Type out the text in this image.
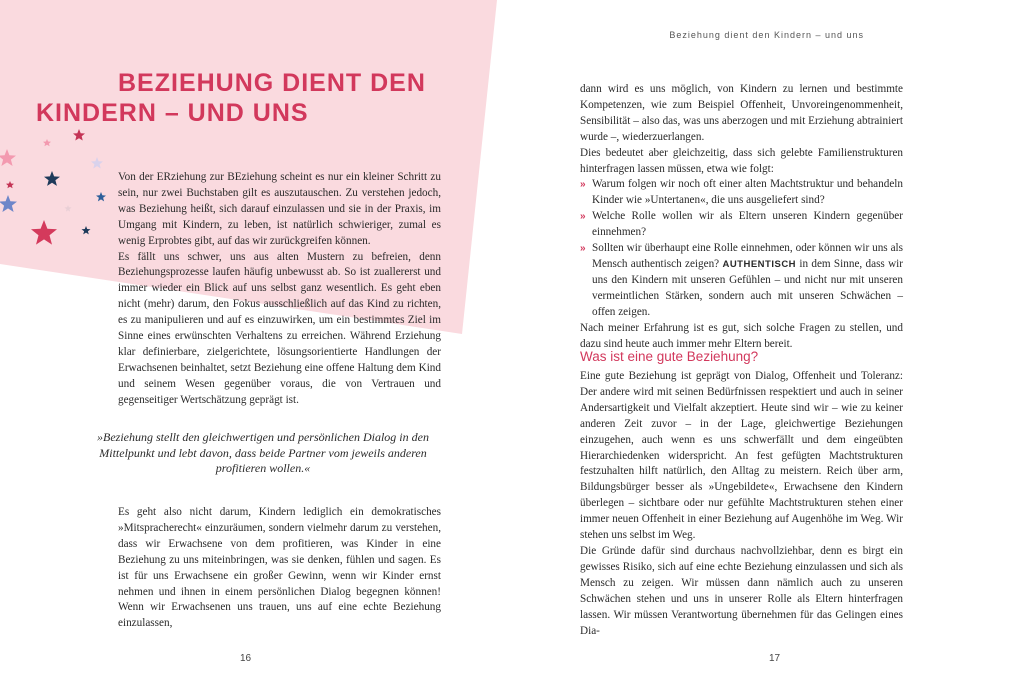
Beziehung dient den Kindern – und uns
BEZIEHUNG DIENT DEN
KINDERN – UND UNS

Von der ERziehung zur BEziehung scheint es nur ein kleiner Schritt zu sein, nur zwei Buchstaben gilt es auszutauschen. Zu verstehen jedoch, was Beziehung heißt, sich darauf einzulassen und sie in der Praxis, im Umgang mit Kindern, zu leben, ist natürlich schwieriger, zumal es wenig Erprobtes gibt, auf das wir zurückgreifen können.

Es fällt uns schwer, uns aus alten Mustern zu befreien, denn Beziehungsprozesse laufen häufig unbewusst ab. So ist zuallererst und immer wieder ein Blick auf uns selbst ganz wesentlich. Es geht eben nicht (mehr) darum, den Fokus ausschließlich auf das Kind zu richten, es zu manipulieren und auf es einzuwirken, um ein bestimmtes Ziel im Sinne eines erwünschten Verhaltens zu erreichen. Während Erziehung klar definierbare, zielgerichtete, lösungsorientierte Handlungen der Erwachsenen beinhaltet, setzt Beziehung eine offene Haltung dem Kind und seinem Wesen gegenüber voraus, die von Vertrauen und gegenseitiger Wertschätzung geprägt ist.

»Beziehung stellt den gleichwertigen und persönlichen Dialog in den Mittelpunkt und lebt davon, dass beide Partner vom jeweils anderen profitieren wollen.«

Es geht also nicht darum, Kindern lediglich ein demokratisches »Mitspracherecht« einzuräumen, sondern vielmehr darum zu verstehen, dass wir Erwachsene von dem profitieren, was Kinder in eine Beziehung zu uns miteinbringen, was sie denken, fühlen und sagen. Es ist für uns Erwachsene ein großer Gewinn, wenn wir Kinder ernst nehmen und ihnen in einem persönlichen Dialog begegnen können! Wenn wir Erwachsenen uns trauen, uns auf eine echte Beziehung einzulassen,

dann wird es uns möglich, von Kindern zu lernen und bestimmte Kompetenzen, wie zum Beispiel Offenheit, Unvoreingenommenheit, Sensibilität – also das, was uns aberzogen und mit Erziehung abtrainiert wurde –, wiederzuerlangen.

Dies bedeutet aber gleichzeitig, dass sich gelebte Familienstrukturen hinterfragen lassen müssen, etwa wie folgt:

» Warum folgen wir noch oft einer alten Machtstruktur und behandeln Kinder wie »Untertanen«, die uns ausgeliefert sind?
» Welche Rolle wollen wir als Eltern unseren Kindern gegenüber einnehmen?
» Sollten wir überhaupt eine Rolle einnehmen, oder können wir uns als Mensch authentisch zeigen? AUTHENTISCH in dem Sinne, dass wir uns den Kindern mit unseren Gefühlen – und nicht nur mit unseren vermeintlichen Stärken, sondern auch mit unseren Schwächen – offen zeigen.

Nach meiner Erfahrung ist es gut, sich solche Fragen zu stellen, und dazu sind heute auch immer mehr Eltern bereit.

Was ist eine gute Beziehung?

Eine gute Beziehung ist geprägt von Dialog, Offenheit und Toleranz: Der andere wird mit seinen Bedürfnissen respektiert und auch in seiner Andersartigkeit und Vielfalt akzeptiert. Heute sind wir – wie zu keiner anderen Zeit zuvor – in der Lage, gleichwertige Beziehungen einzugehen, auch wenn es uns schwerfällt und dem eingeübten Hierarchiedenken widerspricht. An fest gefügten Machtstrukturen festzuhalten hilft natürlich, den Alltag zu meistern. Reich über arm, Bildungsbürger besser als »Ungebildete«, Erwachsene den Kindern überlegen – sichtbare oder nur gefühlte Machtstrukturen stehen einer immer neuen Offenheit in einer Beziehung auf Augenhöhe im Weg. Wir stehen uns selbst im Weg.

Die Gründe dafür sind durchaus nachvollziehbar, denn es birgt ein gewisses Risiko, sich auf eine echte Beziehung einzulassen und sich als Mensch zu zeigen. Wir müssen dann nämlich auch zu unseren Schwächen stehen und uns in unserer Rolle als Eltern hinterfragen lassen. Wir müssen Verantwortung übernehmen für das Gelingen eines Dia-

16	17
